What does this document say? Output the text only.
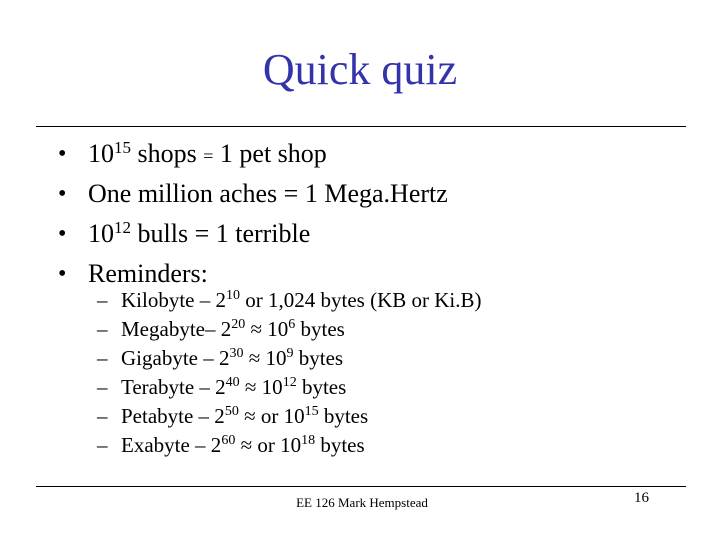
Quick quiz
• $10^{15}$ shops = 1 pet shop
• One million aches = 1 Mega.Hertz
• $10^{12}$ bulls = 1 terrible
• Reminders:
– Kilobyte – $2^{10}$ or 1,024 bytes (KB or Ki.B)
– Megabyte– $2^{20} \approx 10^6$ bytes
– Gigabyte – $2^{30} \approx 10^9$ bytes
– Terabyte – $2^{40} \approx 10^{12}$ bytes
– Petabyte – $2^{50}$ ≈ or $10^{15}$ bytes
– Exabyte – $2^{60}$ ≈ or $10^{18}$ bytes
EE 126 Mark Hempstead	16
